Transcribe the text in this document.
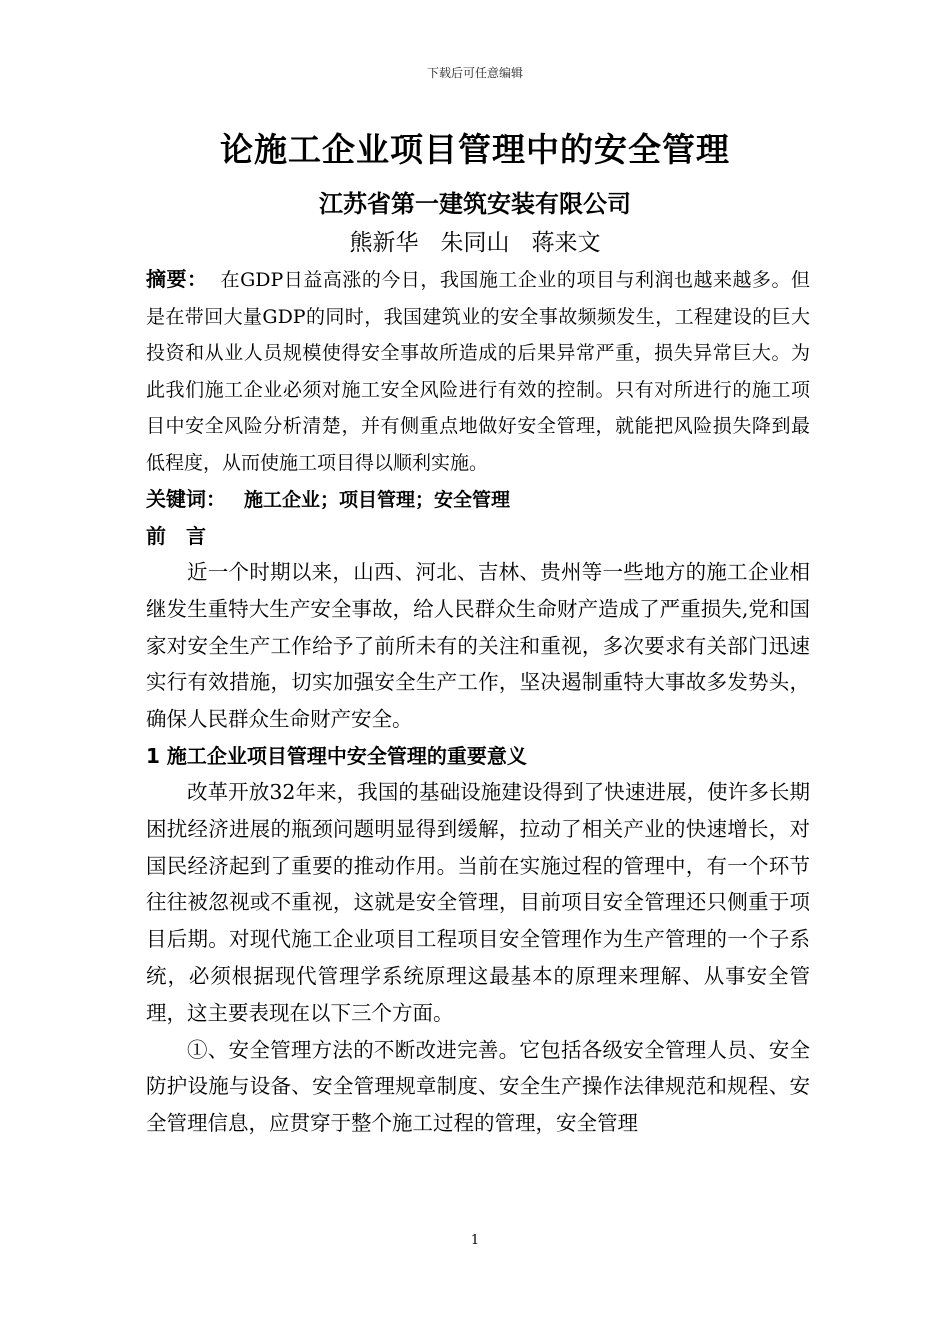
下载后可任意编辑
论施工企业项目管理中的安全管理
江苏省第一建筑安装有限公司
熊新华 朱同山 蒋来文

摘要： 在GDP日益高涨的今日，我国施工企业的项目与利润也越来越多。但是在带回大量GDP的同时，我国建筑业的安全事故频频发生，工程建设的巨大投资和从业人员规模使得安全事故所造成的后果异常严重，损失异常巨大。为此我们施工企业必须对施工安全风险进行有效的控制。只有对所进行的施工项目中安全风险分析清楚，并有侧重点地做好安全管理，就能把风险损失降到最低程度，从而使施工项目得以顺利实施。

关键词： 施工企业；项目管理；安全管理

前　言

近一个时期以来，山西、河北、吉林、贵州等一些地方的施工企业相继发生重特大生产安全事故，给人民群众生命财产造成了严重损失,党和国家对安全生产工作给予了前所未有的关注和重视，多次要求有关部门迅速实行有效措施，切实加强安全生产工作，坚决遏制重特大事故多发势头，确保人民群众生命财产安全。

1 施工企业项目管理中安全管理的重要意义

改革开放32年来，我国的基础设施建设得到了快速进展，使许多长期困扰经济进展的瓶颈问题明显得到缓解，拉动了相关产业的快速增长，对国民经济起到了重要的推动作用。当前在实施过程的管理中，有一个环节往往被忽视或不重视，这就是安全管理，目前项目安全管理还只侧重于项目后期。对现代施工企业项目工程项目安全管理作为生产管理的一个子系统，必须根据现代管理学系统原理这最基本的原理来理解、从事安全管理，这主要表现在以下三个方面。

①、安全管理方法的不断改进完善。它包括各级安全管理人员、安全防护设施与设备、安全管理规章制度、安全生产操作法律规范和规程、安全管理信息，应贯穿于整个施工过程的管理，安全管理

1
